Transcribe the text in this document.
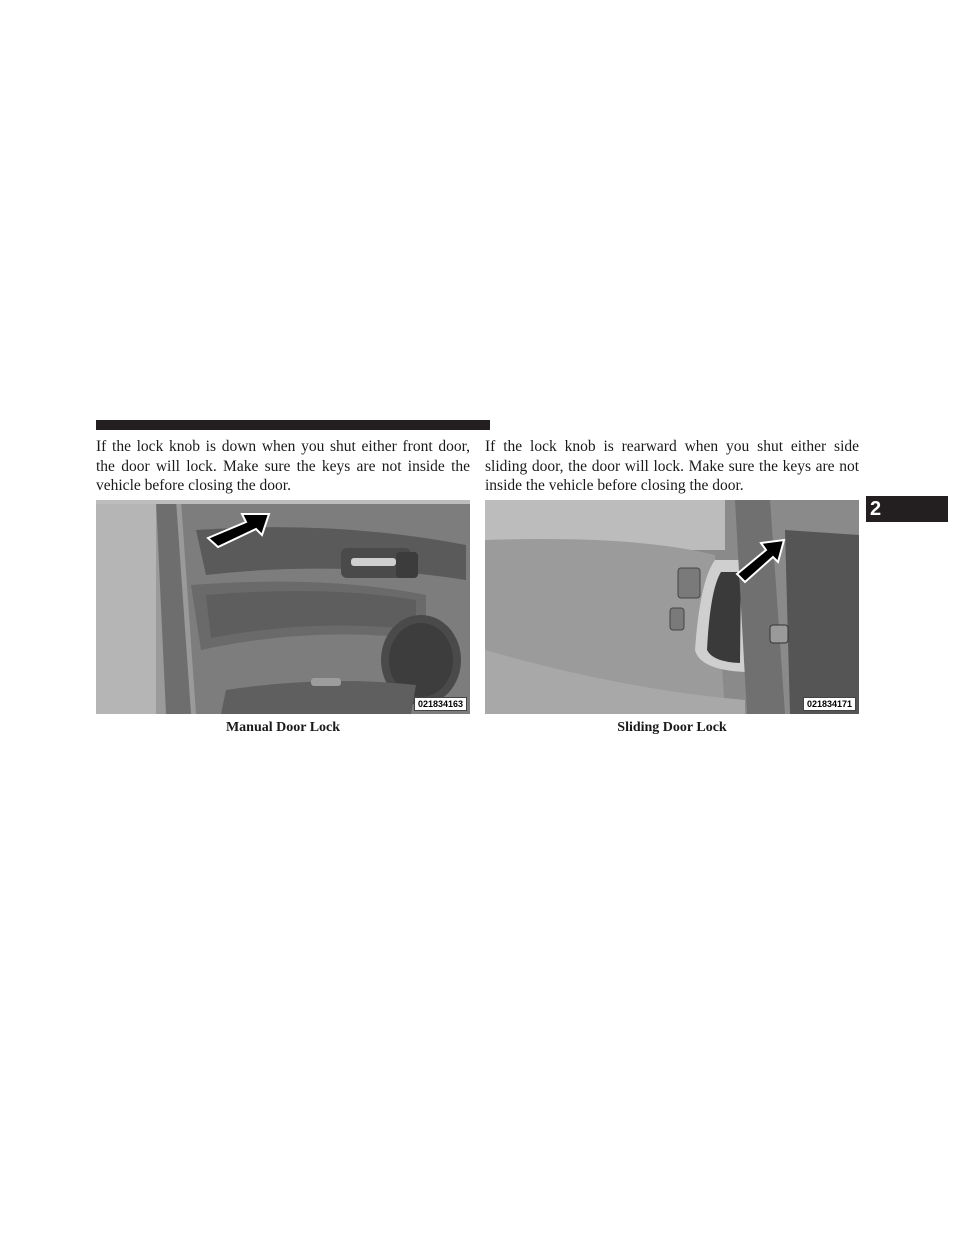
If the lock knob is down when you shut either front door, the door will lock. Make sure the keys are not inside the vehicle before closing the door.

If the lock knob is rearward when you shut either side sliding door, the door will lock. Make sure the keys are not inside the vehicle before closing the door.

021834163	021834171
Manual Door Lock	Sliding Door Lock
2
